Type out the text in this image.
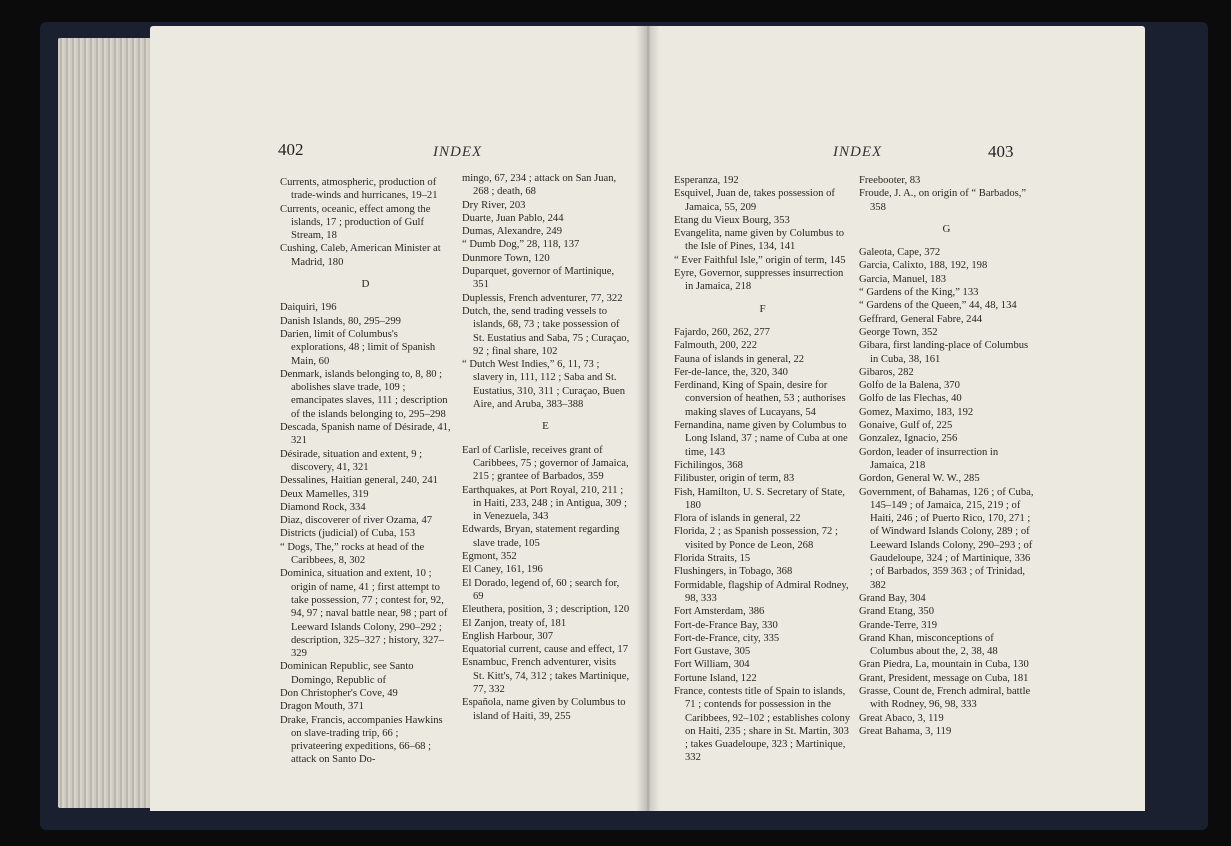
402	INDEX
Currents, atmospheric, production of trade-winds and hurricanes, 19–21
Currents, oceanic, effect among the islands, 17 ; production of Gulf Stream, 18
Cushing, Caleb, American Minister at Madrid, 180
D
Daiquiri, 196
Danish Islands, 80, 295–299
Darien, limit of Columbus's explorations, 48 ; limit of Spanish Main, 60
Denmark, islands belonging to, 8, 80 ; abolishes slave trade, 109 ; emancipates slaves, 111 ; description of the islands belonging to, 295–298
Descada, Spanish name of Désirade, 41, 321
Désirade, situation and extent, 9 ; discovery, 41, 321
Dessalines, Haitian general, 240, 241
Deux Mamelles, 319
Diamond Rock, 334
Diaz, discoverer of river Ozama, 47
Districts (judicial) of Cuba, 153
“ Dogs, The,” rocks at head of the Caribbees, 8, 302
Dominica, situation and extent, 10 ; origin of name, 41 ; first attempt to take possession, 77 ; contest for, 92, 94, 97 ; naval battle near, 98 ; part of Leeward Islands Colony, 290–292 ; description, 325–327 ; history, 327–329
Dominican Republic, see Santo Domingo, Republic of
Don Christopher's Cove, 49
Dragon Mouth, 371
Drake, Francis, accompanies Hawkins on slave-trading trip, 66 ; privateering expeditions, 66–68 ; attack on Santo Do-
mingo, 67, 234 ; attack on San Juan, 268 ; death, 68
Dry River, 203
Duarte, Juan Pablo, 244
Dumas, Alexandre, 249
“ Dumb Dog,” 28, 118, 137
Dunmore Town, 120
Duparquet, governor of Martinique, 351
Duplessis, French adventurer, 77, 322
Dutch, the, send trading vessels to islands, 68, 73 ; take possession of St. Eustatius and Saba, 75 ; Curaçao, 92 ; final share, 102
“ Dutch West Indies,” 6, 11, 73 ; slavery in, 111, 112 ; Saba and St. Eustatius, 310, 311 ; Curaçao, Buen Aire, and Aruba, 383–388
E
Earl of Carlisle, receives grant of Caribbees, 75 ; governor of Jamaica, 215 ; grantee of Barbados, 359
Earthquakes, at Port Royal, 210, 211 ; in Haiti, 233, 248 ; in Antigua, 309 ; in Venezuela, 343
Edwards, Bryan, statement regarding slave trade, 105
Egmont, 352
El Caney, 161, 196
El Dorado, legend of, 60 ; search for, 69
Eleuthera, position, 3 ; description, 120
El Zanjon, treaty of, 181
English Harbour, 307
Equatorial current, cause and effect, 17
Esnambuc, French adventurer, visits St. Kitt's, 74, 312 ; takes Martinique, 77, 332
Española, name given by Columbus to island of Haiti, 39, 255
INDEX	403
Esperanza, 192
Esquivel, Juan de, takes possession of Jamaica, 55, 209
Etang du Vieux Bourg, 353
Evangelita, name given by Columbus to the Isle of Pines, 134, 141
“ Ever Faithful Isle,” origin of term, 145
Eyre, Governor, suppresses insurrection in Jamaica, 218
F
Fajardo, 260, 262, 277
Falmouth, 200, 222
Fauna of islands in general, 22
Fer-de-lance, the, 320, 340
Ferdinand, King of Spain, desire for conversion of heathen, 53 ; authorises making slaves of Lucayans, 54
Fernandina, name given by Columbus to Long Island, 37 ; name of Cuba at one time, 143
Fichilingos, 368
Filibuster, origin of term, 83
Fish, Hamilton, U. S. Secretary of State, 180
Flora of islands in general, 22
Florida, 2 ; as Spanish possession, 72 ; visited by Ponce de Leon, 268
Florida Straits, 15
Flushingers, in Tobago, 368
Formidable, flagship of Admiral Rodney, 98, 333
Fort Amsterdam, 386
Fort-de-France Bay, 330
Fort-de-France, city, 335
Fort Gustave, 305
Fort William, 304
Fortune Island, 122
France, contests title of Spain to islands, 71 ; contends for possession in the Caribbees, 92–102 ; establishes colony on Haiti, 235 ; share in St. Martin, 303 ; takes Guadeloupe, 323 ; Martinique, 332
Freebooter, 83
Froude, J. A., on origin of “ Barbados,” 358
G
Galeota, Cape, 372
Garcia, Calixto, 188, 192, 198
Garcia, Manuel, 183
“ Gardens of the King,” 133
“ Gardens of the Queen,” 44, 48, 134
Geffrard, General Fabre, 244
George Town, 352
Gibara, first landing-place of Columbus in Cuba, 38, 161
Gibaros, 282
Golfo de la Balena, 370
Golfo de las Flechas, 40
Gomez, Maximo, 183, 192
Gonaive, Gulf of, 225
Gonzalez, Ignacio, 256
Gordon, leader of insurrection in Jamaica, 218
Gordon, General W. W., 285
Government, of Bahamas, 126 ; of Cuba, 145–149 ; of Jamaica, 215, 219 ; of Haiti, 246 ; of Puerto Rico, 170, 271 ; of Windward Islands Colony, 289 ; of Leeward Islands Colony, 290–293 ; of Gaudeloupe, 324 ; of Martinique, 336 ; of Barbados, 359 363 ; of Trinidad, 382
Grand Bay, 304
Grand Etang, 350
Grande-Terre, 319
Grand Khan, misconceptions of Columbus about the, 2, 38, 48
Gran Piedra, La, mountain in Cuba, 130
Grant, President, message on Cuba, 181
Grasse, Count de, French admiral, battle with Rodney, 96, 98, 333
Great Abaco, 3, 119
Great Bahama, 3, 119
